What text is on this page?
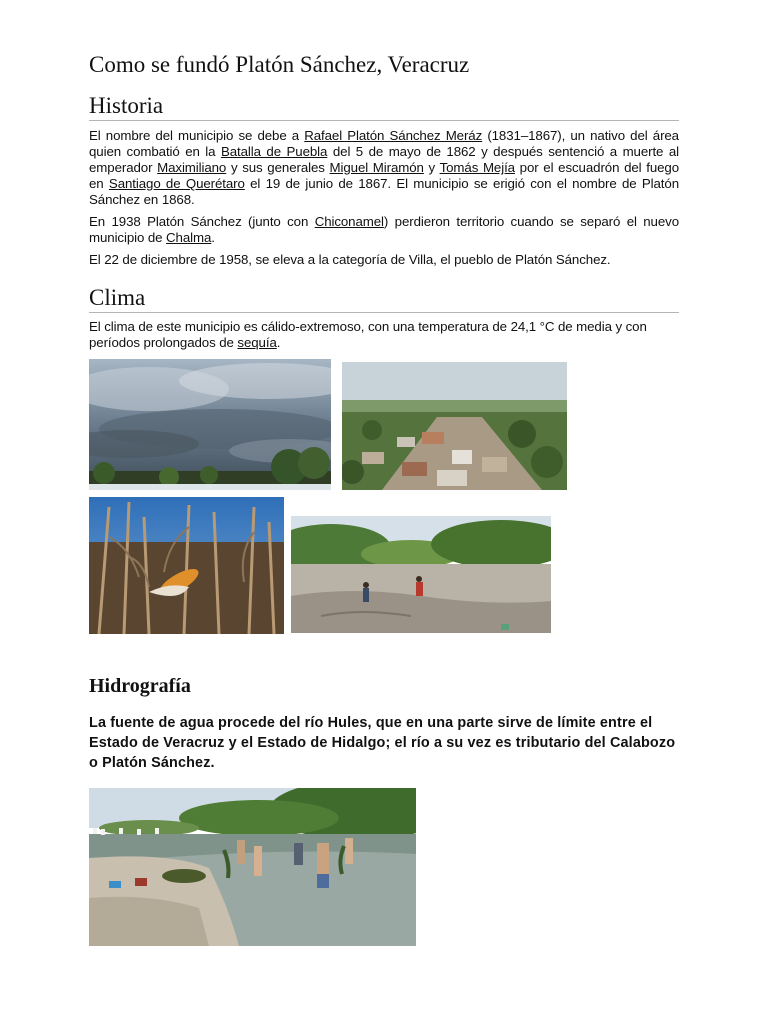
Como se fundó Platón Sánchez, Veracruz
Historia

El nombre del municipio se debe a Rafael Platón Sánchez Meráz (1831–1867), un nativo del área quien combatió en la Batalla de Puebla del 5 de mayo de 1862 y después sentenció a muerte al emperador Maximiliano y sus generales Miguel Miramón y Tomás Mejía por el escuadrón del fuego en Santiago de Querétaro el 19 de junio de 1867. El municipio se erigió con el nombre de Platón Sánchez en 1868.

En 1938 Platón Sánchez (junto con Chiconamel) perdieron territorio cuando se separó el nuevo municipio de Chalma.

El 22 de diciembre de 1958, se eleva a la categoría de Villa, el pueblo de Platón Sánchez.

Clima

El clima de este municipio es cálido-extremoso, con una temperatura de 24,1 °C de media y con períodos prolongados de sequía.

Hidrografía

La fuente de agua procede del río Hules, que en una parte sirve de límite entre el Estado de Veracruz y el Estado de Hidalgo; el río a su vez es tributario del Calabozo o Platón Sánchez.
